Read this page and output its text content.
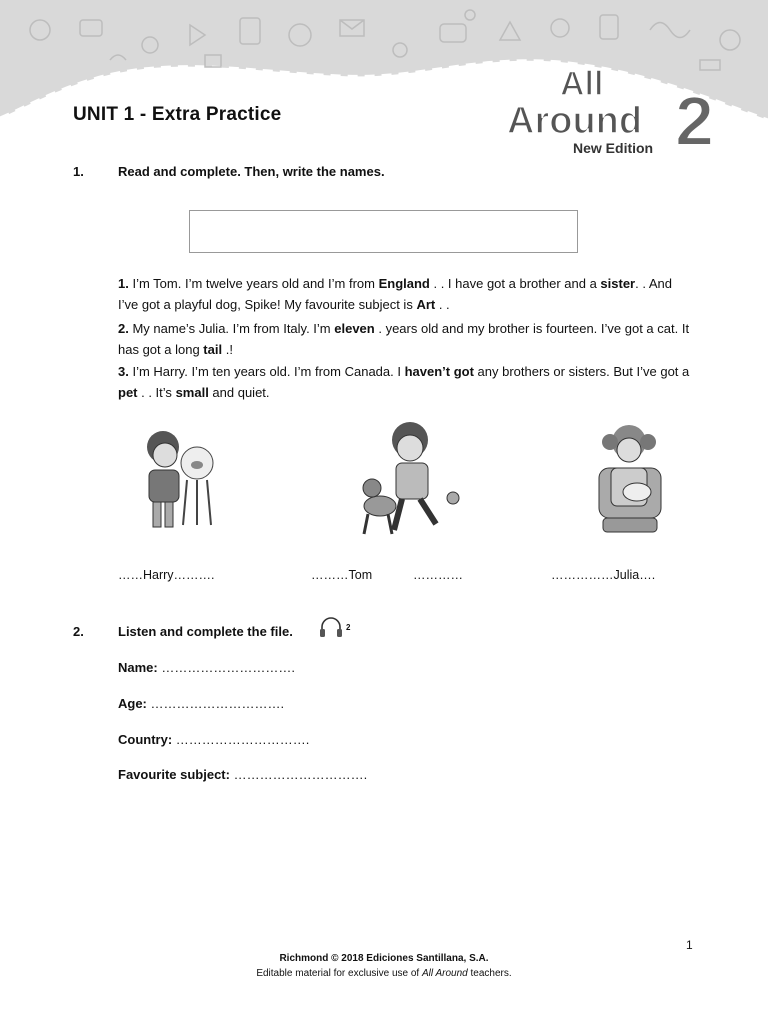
UNIT 1 - Extra Practice
All
Around 2
New Edition
1.	Read and complete. Then, write the names.
1. I’m Tom. I’m twelve years old and I’m from England . . I have got a brother and a sister. . And I’ve got a playful dog, Spike! My favourite subject is Art . .
2. My name’s Julia. I’m from Italy. I’m eleven . years old and my brother is fourteen. I’ve got a cat. It has got a long tail .!
3. I’m Harry. I’m ten years old. I’m from Canada. I haven’t got any brothers or sisters. But I’ve got a pet . . It’s small and quiet.
……Harry……….	………Tom	…………	……………Julia….
2.	Listen and complete the file.	2
Name: ………………………….
Age: ………………………….
Country: ………………………….
Favourite subject: ………………………….
1
Richmond © 2018 Ediciones Santillana, S.A.
Editable material for exclusive use of All Around teachers.
